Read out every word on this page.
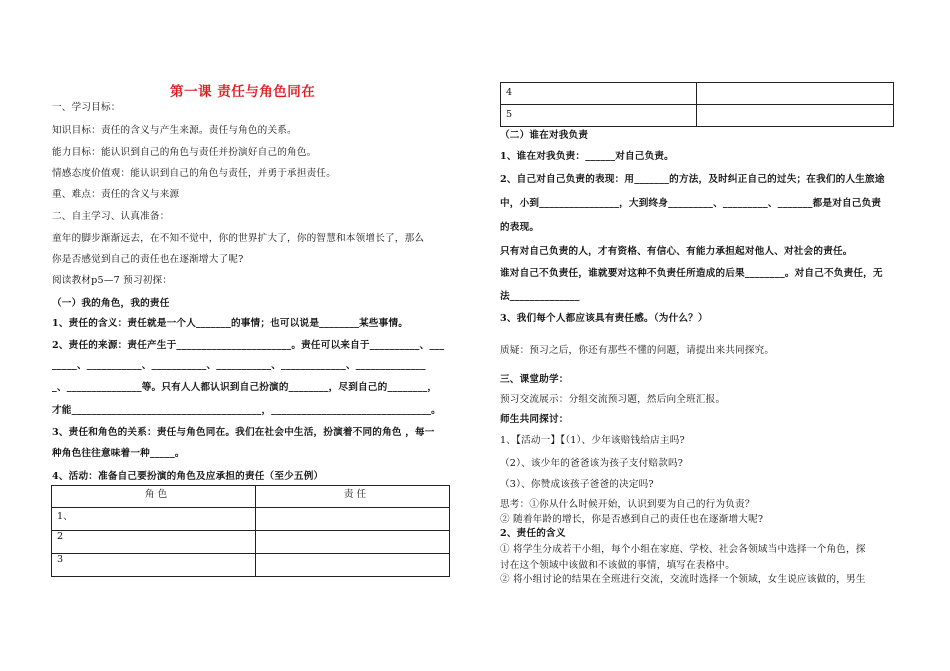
第一课 责任与角色同在
一、学习目标：
知识目标：责任的含义与产生来源。责任与角色的关系。
能力目标：能认识到自己的角色与责任并扮演好自己的角色。
情感态度价值观：能认识到自己的角色与责任，并勇于承担责任。
重、难点：责任的含义与来源
二、自主学习、认真准备：
童年的脚步渐渐远去，在不知不觉中，你的世界扩大了，你的智慧和本领增长了，那么
你是否感觉到自己的责任也在逐渐增大了呢?
阅读教材p5—7 预习初探：
（一）我的角色，我的责任
1、责任的含义：责任就是一个人_______的事情；也可以说是________某些事情。
2、责任的来源：责任产生于_______________________。责任可以来自于__________、___
_____、___________、___________、___________、_____________、______________
_、_______________等。只有人人都认识到自己扮演的________，尽到自己的________，
才能______________________________________，________________________________。
3、责任和角色的关系：责任与角色同在。我们在社会中生活，扮演着不同的角色 ，每一
种角色往往意味着一种_____。
4、活动：准备自己要扮演的角色及应承担的责任（至少五例）
（二）谁在对我负责
1、谁在对我负责：______对自己负责。
2、自己对自己负责的表现：用_______的方法，及时纠正自己的过失；在我们的人生旅途
中，小到________________，大到终身_________、_________、_______都是对自己负责
的表现。
只有对自己负责的人，才有资格、有信心、有能力承担起对他人、对社会的责任。
谁对自己不负责任，谁就要对这种不负责任所造成的后果________。对自己不负责任，无
法______________
3、我们每个人都应该具有责任感。（为什么？）
质疑：预习之后，你还有那些不懂的问题，请提出来共同探究。
三、课堂助学：
预习交流展示：分组交流预习题，然后向全班汇报。
师生共同探讨：
1、【活动一】【（1）、少年该赔钱给店主吗?
（2）、该少年的爸爸该为孩子支付赔款吗?
（3）、你赞成该孩子爸爸的决定吗?
思考：①你从什么时候开始，认识到要为自己的行为负责？
② 随着年龄的增长，你是否感到自己的责任也在逐渐增大呢?
2、责任的含义
① 将学生分成若干小组，每个小组在家庭、学校、社会各领域当中选择一个角色，探
讨在这个领域中该做和不该做的事情，填写在表格中。
② 将小组讨论的结果在全班进行交流，交流时选择一个领域，女生说应该做的，男生
角 色	责 任
1、	
2	
3	
4	
5	
